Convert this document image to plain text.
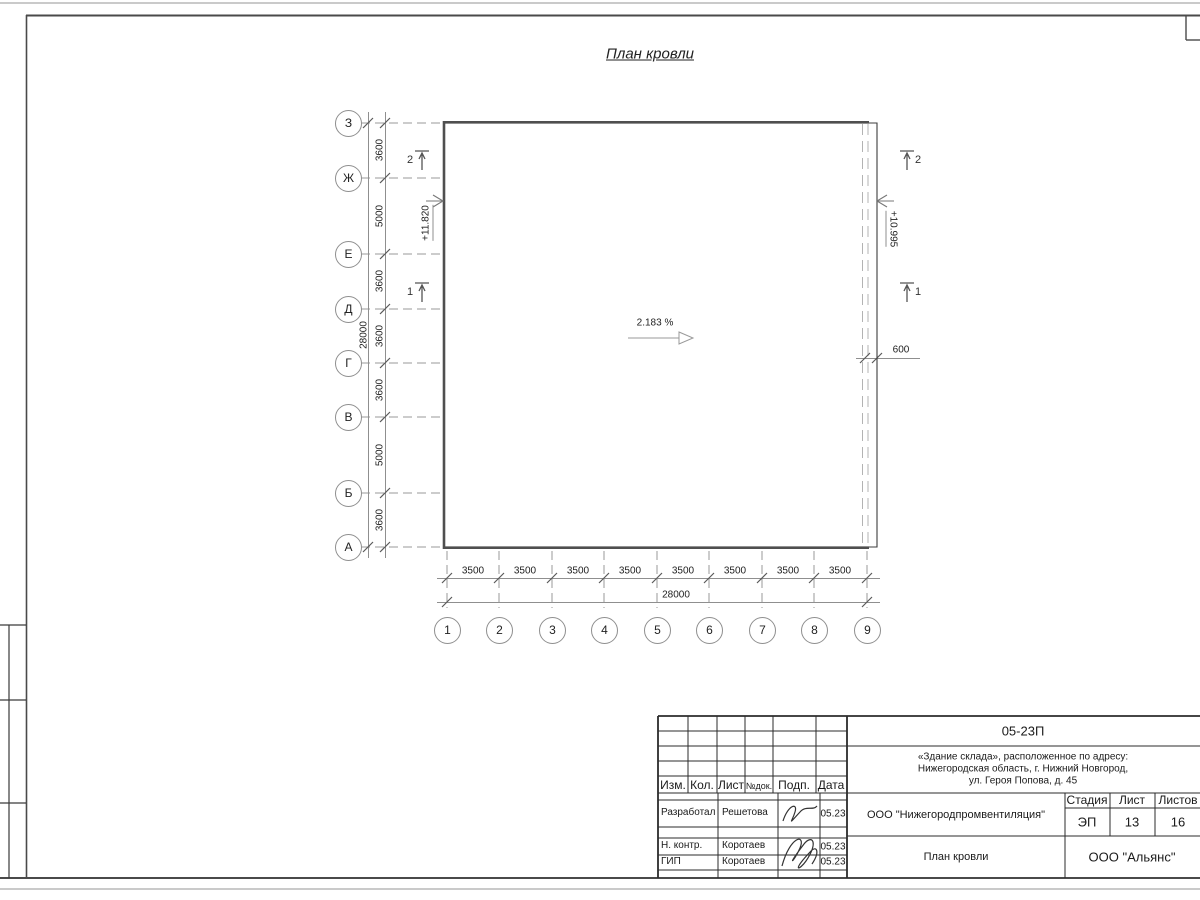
План кровли
З
Ж
Е
Д
Г
В
Б
А
1	2	3	4	5	6	7	8	9
3600
5000
3600
3600
3600
5000
3600
28000
3500	3500	3500	3500	3500	3500	3500	3500
28000
2.183 %
+11.820	+10.995
600
2
1
2
1
05-23П
«Здание склада», расположенное по адресу:
Нижегородская область, г. Нижний Новгород,
ул. Героя Попова, д. 45
Изм. Кол. Лист №док. Подп. Дата
Разработал Решетова	05.23
Н. контр. Коротаев	05.23
ГИП	Коротаев	05.23
ООО "Нижегородпромвентиляция"
Стадия Лист Листов
ЭП 13 16
План кровли	ООО "Альянс"
